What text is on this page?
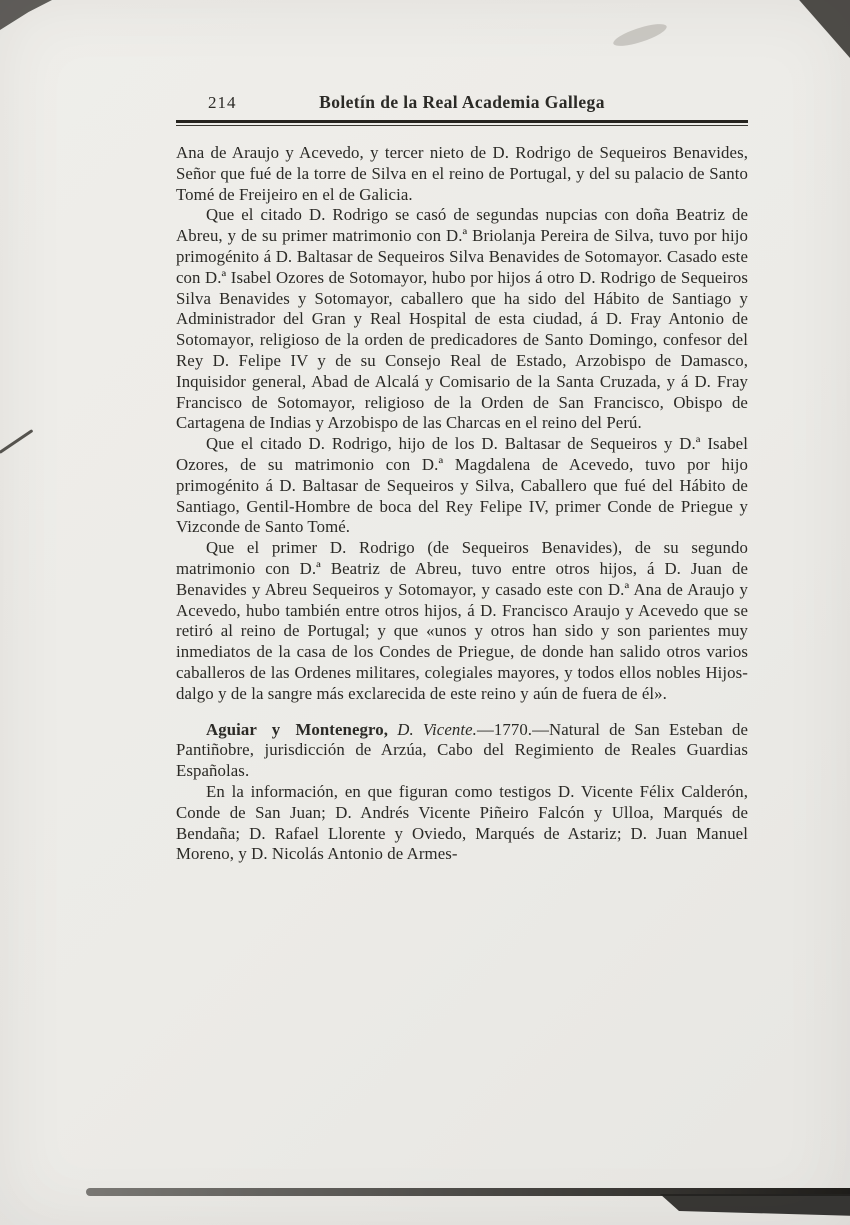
214	Boletín de la Real Academia Gallega

Ana de Araujo y Acevedo, y tercer nieto de D. Rodrigo de Sequeiros Benavides, Señor que fué de la torre de Silva en el reino de Portugal, y del su palacio de Santo Tomé de Freijeiro en el de Galicia.

Que el citado D. Rodrigo se casó de segundas nupcias con doña Beatriz de Abreu, y de su primer matrimonio con D.ª Briolanja Pereira de Silva, tuvo por hijo primogénito á D. Baltasar de Sequeiros Silva Benavides de Sotomayor. Casado este con D.ª Isabel Ozores de Sotomayor, hubo por hijos á otro D. Rodrigo de Sequeiros Silva Benavides y Sotomayor, caballero que ha sido del Hábito de Santiago y Administrador del Gran y Real Hospital de esta ciudad, á D. Fray Antonio de Sotomayor, religioso de la orden de predicadores de Santo Domingo, confesor del Rey D. Felipe IV y de su Consejo Real de Estado, Arzobispo de Damasco, Inquisidor general, Abad de Alcalá y Comisario de la Santa Cruzada, y á D. Fray Francisco de Sotomayor, religioso de la Orden de San Francisco, Obispo de Cartagena de Indias y Arzobispo de las Charcas en el reino del Perú.

Que el citado D. Rodrigo, hijo de los D. Baltasar de Sequeiros y D.ª Isabel Ozores, de su matrimonio con D.ª Magdalena de Acevedo, tuvo por hijo primogénito á D. Baltasar de Sequeiros y Silva, Caballero que fué del Hábito de Santiago, Gentil-Hombre de boca del Rey Felipe IV, primer Conde de Priegue y Vizconde de Santo Tomé.

Que el primer D. Rodrigo (de Sequeiros Benavides), de su segundo matrimonio con D.ª Beatriz de Abreu, tuvo entre otros hijos, á D. Juan de Benavides y Abreu Sequeiros y Sotomayor, y casado este con D.ª Ana de Araujo y Acevedo, hubo también entre otros hijos, á D. Francisco Araujo y Acevedo que se retiró al reino de Portugal; y que «unos y otros han sido y son parientes muy inmediatos de la casa de los Condes de Priegue, de donde han salido otros varios caballeros de las Ordenes militares, colegiales mayores, y todos ellos nobles Hijos-dalgo y de la sangre más exclarecida de este reino y aún de fuera de él».

Aguiar y Montenegro, D. Vicente.—1770.—Natural de San Esteban de Pantiñobre, jurisdicción de Arzúa, Cabo del Regimiento de Reales Guardias Españolas.

En la información, en que figuran como testigos D. Vicente Félix Calderón, Conde de San Juan; D. Andrés Vicente Piñeiro Falcón y Ulloa, Marqués de Bendaña; D. Rafael Llorente y Oviedo, Marqués de Astariz; D. Juan Manuel Moreno, y D. Nicolás Antonio de Armes-
